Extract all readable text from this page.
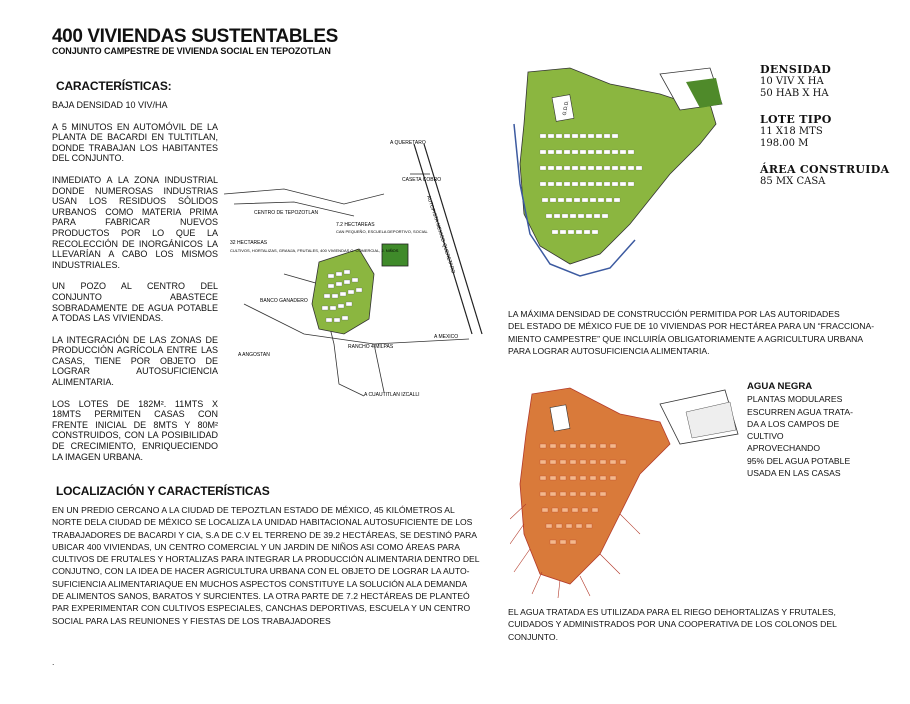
400 VIVIENDAS SUSTENTABLES
CONJUNTO CAMPESTRE DE VIVIENDA SOCIAL EN TEPOZOTLAN
CARACTERÍSTICAS:

BAJA DENSIDAD 10 VIV/HA

A 5 MINUTOS EN AUTOMÓVIL DE LA PLANTA DE BACARDI EN TULTITLAN, DONDE TRABAJAN LOS HABITANTES DEL CONJUNTO.

INMEDIATO A LA ZONA INDUSTRIAL DONDE NUMEROSAS INDUSTRIAS USAN LOS RESIDUOS SÓLIDOS URBANOS COMO MATERIA PRIMA PARA FABRICAR NUEVOS PRODUCTOS POR LO QUE LA RECOLECCIÓN DE INORGÁNICOS LA LLEVARÍAN A CABO LOS MISMOS INDUSTRIALES.

UN POZO AL CENTRO DEL CONJUNTO ABASTECE SOBRADAMENTE DE AGUA POTABLE A TODAS LAS VIVIENDAS.

LA INTEGRACIÓN DE LAS ZONAS DE PRODUCCIÓN AGRÍCOLA ENTRE LAS CASAS, TIENE POR OBJETO DE LOGRAR AUTOSUFICIENCIA ALIMENTARIA.

LOS LOTES DE 182M². 11MTS X 18MTS PERMITEN CASAS CON FRENTE INICIAL DE 8MTS Y 80M² CONSTRUIDOS, CON LA POSIBILIDAD DE CRECIMIENTO, ENRIQUECIENDO LA IMAGEN URBANA.

A QUERETARO
AUTOPISTA MEXICO-QUERETARO
CENTRO DE TEPOZOTLAN
CASETA COBRO
32 HECTAREAS
CULTIVOS, HORTALIZAS, GRANJA, FRUTALES, 400 VIVIENDAS C. COMERCIAL, J. NIÑOS
7.2 HECTAREAS
CAN PEQUEÑO, ESCUELA DEPORTIVO, SOCIAL
BANCO GANADERO
RANCHO 4 MILPAS
A ANGOSTAN
A MEXICO
A CUAUTITLAN IZCALLI
G.D.D.
DENSIDAD
10 VIV X HA
50 HAB X HA
LOTE TIPO
11 X18 MTS
198.00 M
ÁREA CONSTRUIDA
85 MX CASA

LA MÁXIMA DENSIDAD DE CONSTRUCCIÓN PERMITIDA POR LAS AUTORIDADES

DEL ESTADO DE MÉXICO FUE DE 10 VIVIENDAS POR HECTÁREA PARA UN “FRACCIONA-

MIENTO CAMPESTRE” QUE INCLUIRÍA OBLIGATORIAMENTE A AGRICULTURA URBANA

PARA LOGRAR AUTOSUFICIENCIA ALIMENTARIA.

AGUA NEGRA
PLANTAS MODULARES
ESCURREN AGUA TRATA-
DA A LOS CAMPOS DE
CULTIVO APROVECHANDO
95% DEL AGUA POTABLE
USADA EN LAS CASAS
LOCALIZACIÓN Y CARACTERÍSTICAS

EN UN PREDIO CERCANO A LA CIUDAD DE TEPOZTLAN ESTADO DE MÉXICO, 45 KILÓMETROS AL

NORTE DELA CIUDAD DE MÉXICO SE LOCALIZA LA UNIDAD HABITACIONAL AUTOSUFICIENTE DE LOS

TRABAJADORES DE BACARDI Y CIA, S.A DE C.V EL TERRENO DE 39.2 HECTÁREAS, SE DESTINÓ PARA

UBICAR 400 VIVIENDAS, UN CENTRO COMERCIAL Y UN JARDIN DE NIÑOS ASI COMO ÁREAS PARA

CULTIVOS DE FRUTALES Y HORTALIZAS PARA INTEGRAR LA PRODUCCIÓN ALIMENTARIA DENTRO DEL

CONJUTNO, CON LA IDEA DE HACER AGRICULTURA URBANA CON EL OBJETO DE LOGRAR LA AUTO-

SUFICIENCIA ALIMENTARIAQUE EN MUCHOS ASPECTOS CONSTITUYE LA SOLUCIÓN ALA DEMANDA

DE ALIMENTOS SANOS, BARATOS Y SURCIENTES. LA OTRA PARTE DE 7.2 HECTÁREAS DE PLANTEÓ

PAR EXPERIMENTAR CON CULTIVOS ESPECIALES, CANCHAS DEPORTIVAS, ESCUELA Y UN CENTRO

SOCIAL PARA LAS REUNIONES Y FIESTAS DE LOS TRABAJADORES

.

EL AGUA TRATADA ES UTILIZADA PARA EL RIEGO DEHORTALIZAS Y FRUTALES,

CUIDADOS Y ADMINISTRADOS POR UNA COOPERATIVA DE LOS COLONOS DEL

CONJUNTO.
